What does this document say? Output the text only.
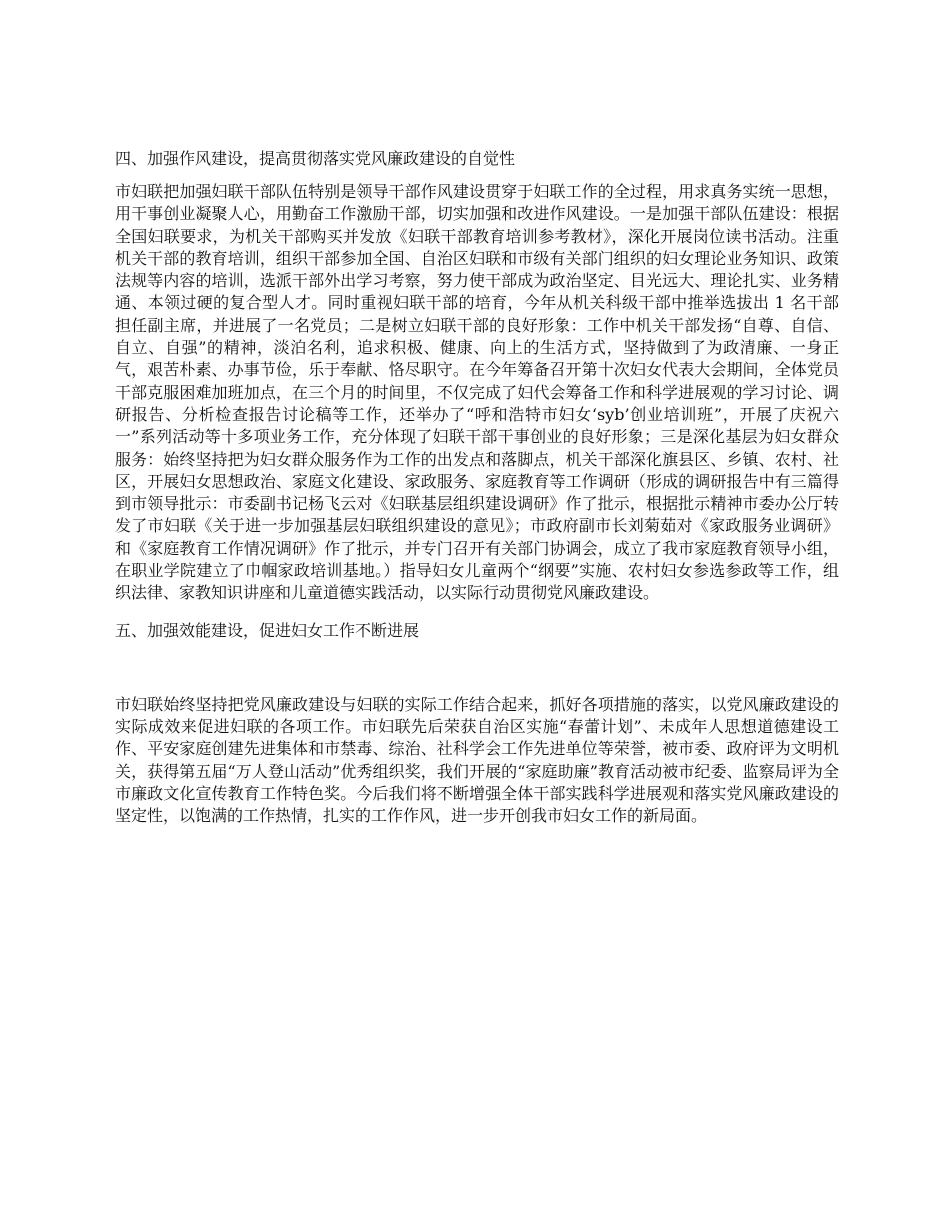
四、加强作风建设，提高贯彻落实党风廉政建设的自觉性

市妇联把加强妇联干部队伍特别是领导干部作风建设贯穿于妇联工作的全过程，用求真务实统一思想，用干事创业凝聚人心，用勤奋工作激励干部，切实加强和改进作风建设。一是加强干部队伍建设：根据全国妇联要求，为机关干部购买并发放《妇联干部教育培训参考教材》，深化开展岗位读书活动。注重机关干部的教育培训，组织干部参加全国、自治区妇联和市级有关部门组织的妇女理论业务知识、政策法规等内容的培训，选派干部外出学习考察，努力使干部成为政治坚定、目光远大、理论扎实、业务精通、本领过硬的复合型人才。同时重视妇联干部的培育，今年从机关科级干部中推举选拔出 1 名干部担任副主席，并进展了一名党员；二是树立妇联干部的良好形象：工作中机关干部发扬“自尊、自信、自立、自强”的精神，淡泊名利，追求积极、健康、向上的生活方式，坚持做到了为政清廉、一身正气，艰苦朴素、办事节俭，乐于奉献、恪尽职守。在今年筹备召开第十次妇女代表大会期间，全体党员干部克服困难加班加点，在三个月的时间里，不仅完成了妇代会筹备工作和科学进展观的学习讨论、调研报告、分析检查报告讨论稿等工作，还举办了“呼和浩特市妇女‘syb’创业培训班”，开展了庆祝六一”系列活动等十多项业务工作，充分体现了妇联干部干事创业的良好形象；三是深化基层为妇女群众服务：始终坚持把为妇女群众服务作为工作的出发点和落脚点，机关干部深化旗县区、乡镇、农村、社区，开展妇女思想政治、家庭文化建设、家政服务、家庭教育等工作调研（形成的调研报告中有三篇得到市领导批示：市委副书记杨飞云对《妇联基层组织建设调研》作了批示，根据批示精神市委办公厅转发了市妇联《关于进一步加强基层妇联组织建设的意见》；市政府副市长刘菊茹对《家政服务业调研》和《家庭教育工作情况调研》作了批示，并专门召开有关部门协调会，成立了我市家庭教育领导小组，在职业学院建立了巾帼家政培训基地。）指导妇女儿童两个“纲要”实施、农村妇女参选参政等工作，组织法律、家教知识讲座和儿童道德实践活动，以实际行动贯彻党风廉政建设。

五、加强效能建设，促进妇女工作不断进展

市妇联始终坚持把党风廉政建设与妇联的实际工作结合起来，抓好各项措施的落实，以党风廉政建设的实际成效来促进妇联的各项工作。市妇联先后荣获自治区实施“春蕾计划”、未成年人思想道德建设工作、平安家庭创建先进集体和市禁毒、综治、社科学会工作先进单位等荣誉，被市委、政府评为文明机关，获得第五届“万人登山活动”优秀组织奖，我们开展的“家庭助廉”教育活动被市纪委、监察局评为全市廉政文化宣传教育工作特色奖。今后我们将不断增强全体干部实践科学进展观和落实党风廉政建设的坚定性，以饱满的工作热情，扎实的工作作风，进一步开创我市妇女工作的新局面。
